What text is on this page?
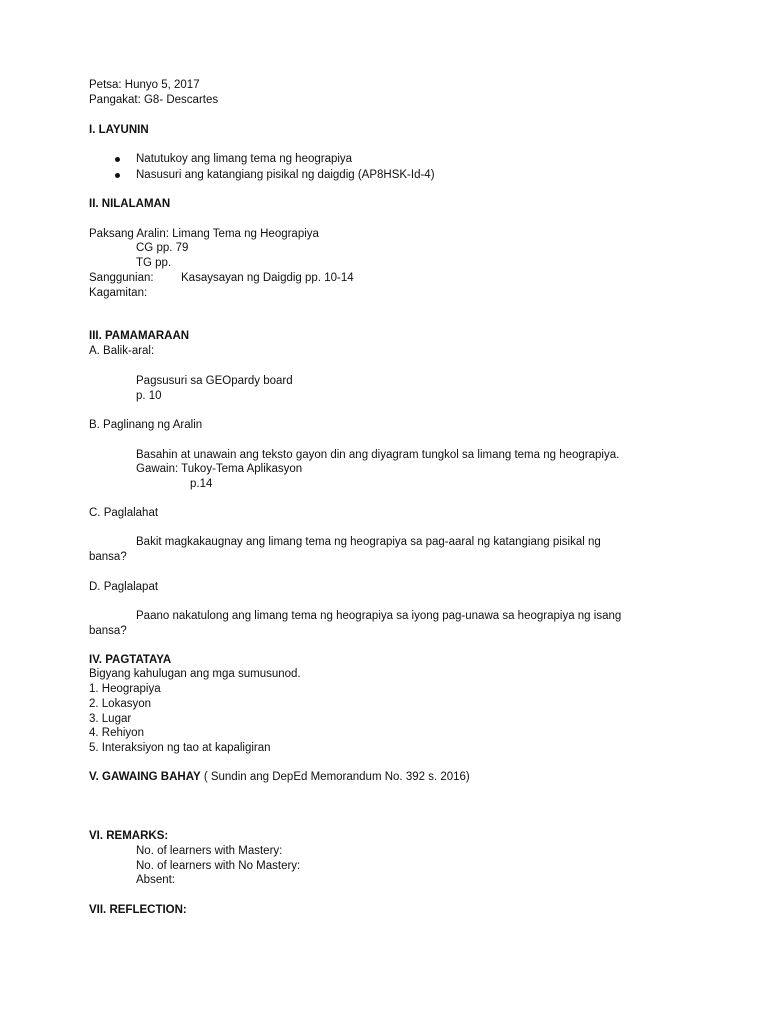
Petsa: Hunyo 5, 2017
Pangakat: G8- Descartes
I. LAYUNIN
Natutukoy ang limang tema ng heograpiya
Nasusuri ang katangiang pisikal ng daigdig (AP8HSK-Id-4)
II. NILALAMAN
Paksang Aralin: Limang Tema ng Heograpiya
CG pp. 79
TG pp.
Sanggunian: Kasaysayan ng Daigdig pp. 10-14
Kagamitan:
III. PAMAMARAAN
A. Balik-aral:
Pagsusuri sa GEOpardy board
p. 10
B. Paglinang ng Aralin
Basahin at unawain ang teksto gayon din ang diyagram tungkol sa limang tema ng heograpiya.
Gawain: Tukoy-Tema Aplikasyon
p.14
C. Paglalahat
Bakit magkakaugnay ang limang tema ng heograpiya sa pag-aaral ng katangiang pisikal ng
bansa?
D. Paglalapat
Paano nakatulong ang limang tema ng heograpiya sa iyong pag-unawa sa heograpiya ng isang
bansa?
IV. PAGTATAYA
Bigyang kahulugan ang mga sumusunod.
1. Heograpiya
2. Lokasyon
3. Lugar
4. Rehiyon
5. Interaksiyon ng tao at kapaligiran
V. GAWAING BAHAY ( Sundin ang DepEd Memorandum No. 392 s. 2016)
VI. REMARKS:
No. of learners with Mastery:
No. of learners with No Mastery:
Absent:
VII. REFLECTION:
